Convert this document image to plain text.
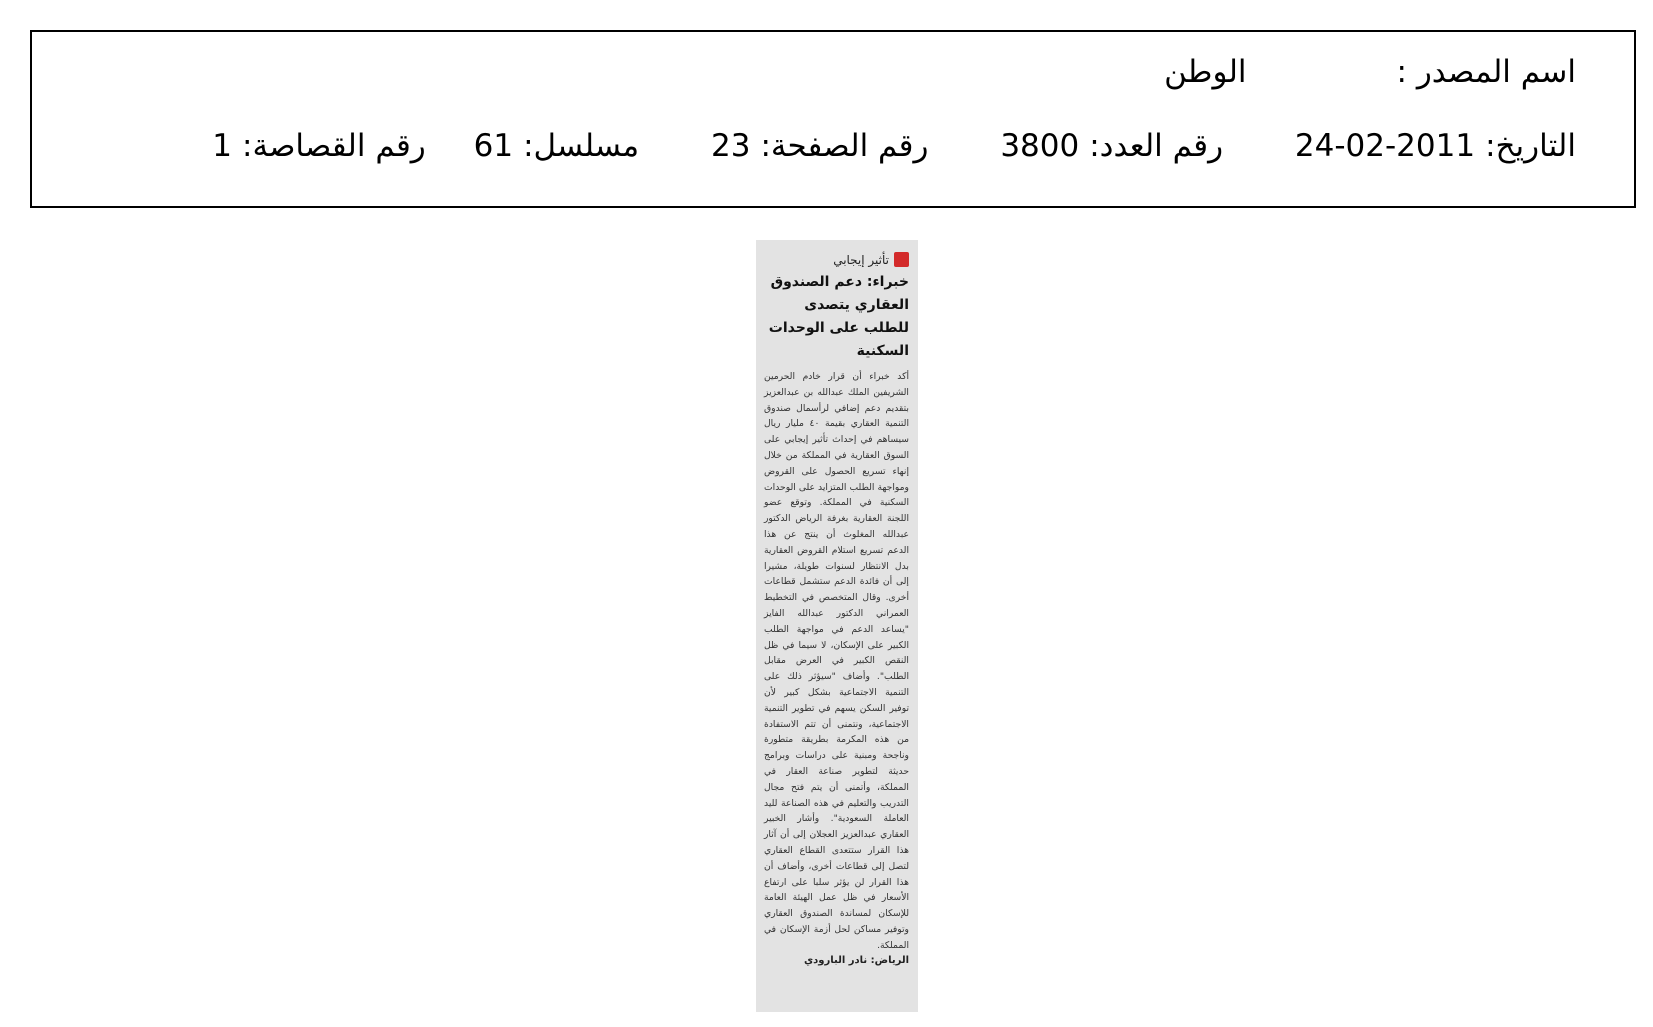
اسم المصدر :الوطن
التاريخ:24-02-2011 رقم العدد:3800 رقم الصفحة:23 مسلسل:61 رقم القصاصة:1
تأثير إيجابي
خبراء: دعم الصندوق العقاري يتصدى للطلب على الوحدات السكنية
أكد خبراء أن قرار خادم الحرمين الشريفين الملك عبدالله بن عبدالعزيز بتقديم دعم إضافي لرأسمال صندوق التنمية العقاري بقيمة ٤٠ مليار ريال سيساهم في إحداث تأثير إيجابي على السوق العقارية في المملكة من خلال إنهاء تسريع الحصول على القروض ومواجهة الطلب المتزايد على الوحدات السكنية في المملكة. وتوقع عضو اللجنة العقارية بغرفة الرياض الدكتور عبدالله المغلوث أن ينتج عن هذا الدعم تسريع استلام القروض العقارية بدل الانتظار لسنوات طويلة، مشيرا إلى أن فائدة الدعم ستشمل قطاعات أخرى. وقال المتخصص في التخطيط العمراني الدكتور عبدالله الفايز "يساعد الدعم في مواجهة الطلب الكبير على الإسكان، لا سيما في ظل النقص الكبير في العرض مقابل الطلب". وأضاف "سيؤثر ذلك على التنمية الاجتماعية بشكل كبير لأن توفير السكن يسهم في تطوير التنمية الاجتماعية، ونتمنى أن تتم الاستفادة من هذه المكرمة بطريقة متطورة وناجحة ومبنية على دراسات وبرامج حديثة لتطوير صناعة العقار في المملكة، وأتمنى أن يتم فتح مجال التدريب والتعليم في هذه الصناعة لليد العاملة السعودية". وأشار الخبير العقاري عبدالعزيز العجلان إلى أن آثار هذا القرار ستتعدى القطاع العقاري لتصل إلى قطاعات أخرى، وأضاف أن هذا القرار لن يؤثر سلبا على ارتفاع الأسعار في ظل عمل الهيئة العامة للإسكان لمساندة الصندوق العقاري وتوفير مساكن لحل أزمة الإسكان في المملكة.
الرياض: نادر البارودي
